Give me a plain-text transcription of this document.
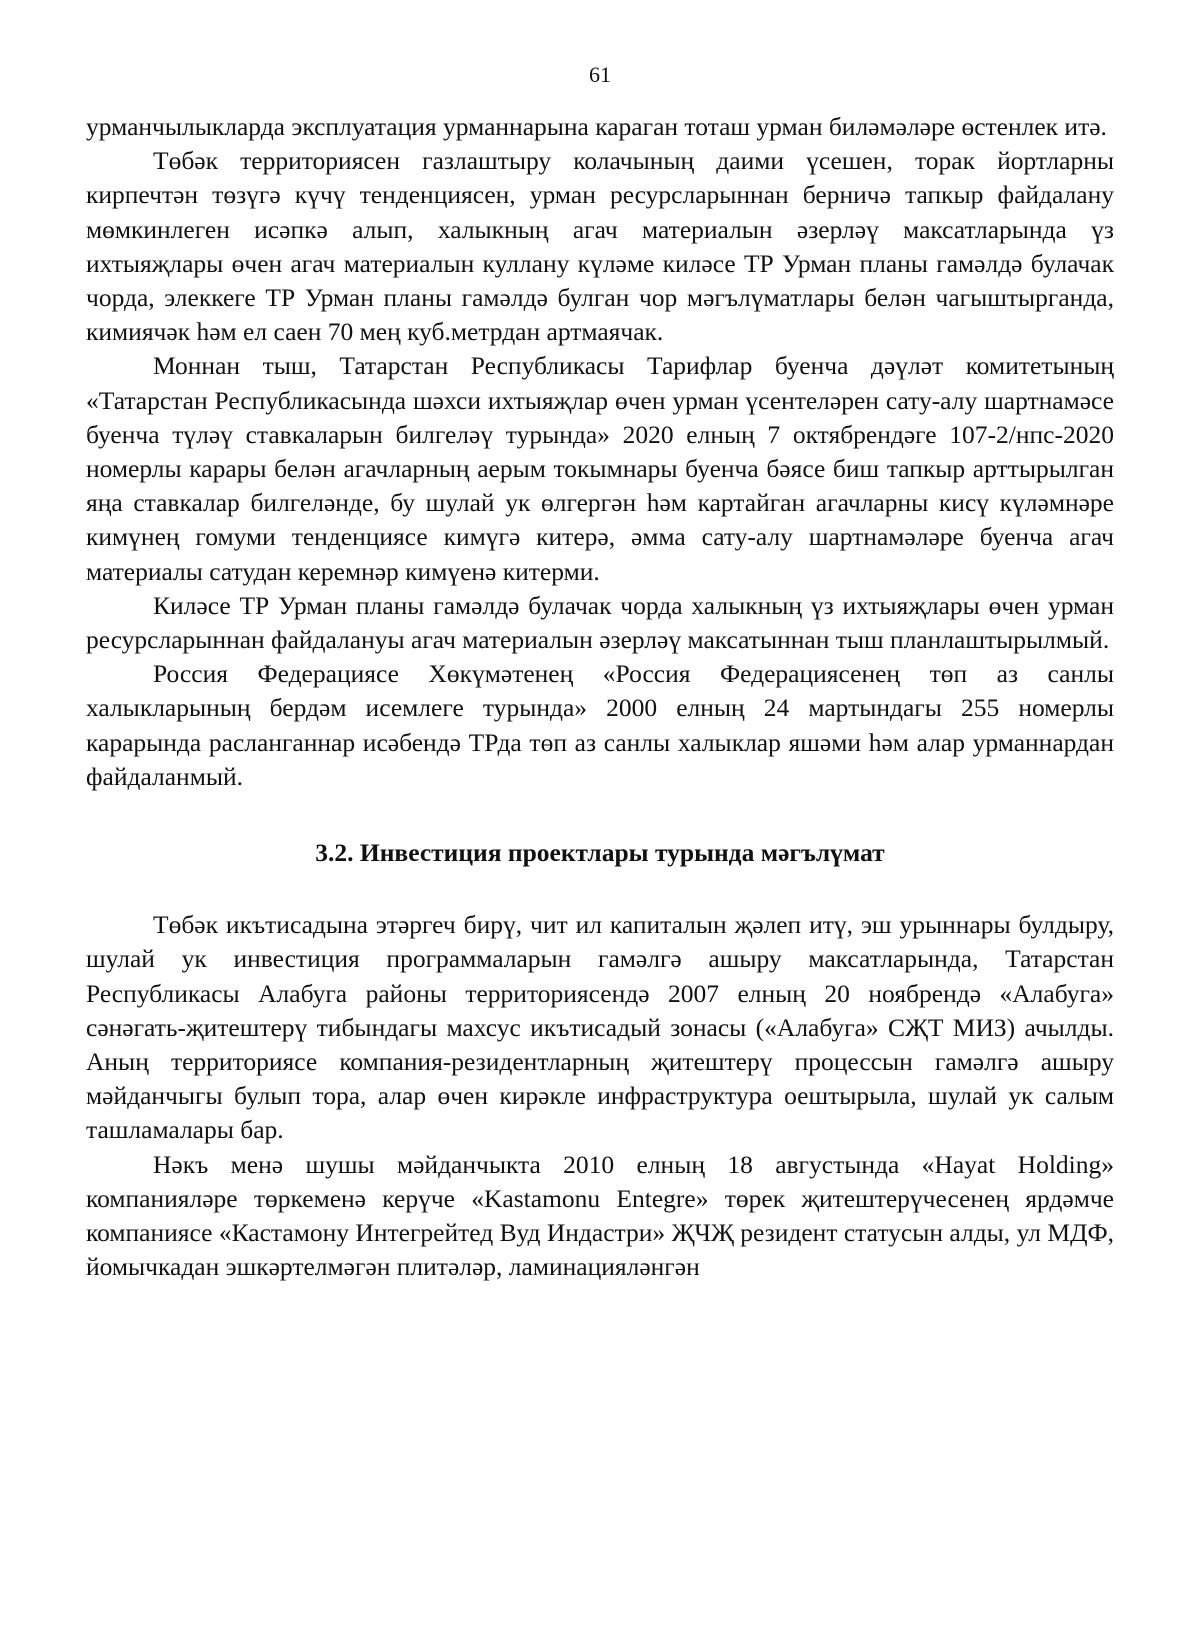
61

урманчылыкларда эксплуатация урманнарына караган тоташ урман биләмәләре өстенлек итә.

Төбәк территориясен газлаштыру колачының даими үсешен, торак йортларны кирпечтән төзүгә күчү тенденциясен, урман ресурсларыннан берничә тапкыр файдалану мөмкинлеген исәпкә алып, халыкның агач материалын әзерләү максатларында үз ихтыяҗлары өчен агач материалын куллану күләме киләсе ТР Урман планы гамәлдә булачак чорда, элеккеге ТР Урман планы гамәлдә булган чор мәгълүматлары белән чагыштырганда, кимиячәк һәм ел саен 70 мең куб.метрдан артмаячак.

Моннан тыш, Татарстан Республикасы Тарифлар буенча дәүләт комитетының «Татарстан Республикасында шәхси ихтыяҗлар өчен урман үсентеләрен сату-алу шартнамәсе буенча түләү ставкаларын билгеләү турында» 2020 елның 7 октябрендәге 107-2/нпс-2020 номерлы карары белән агачларның аерым токымнары буенча бәясе биш тапкыр арттырылган яңа ставкалар билгеләнде, бу шулай ук өлгергән һәм картайган агачларны кисү күләмнәре кимүнең гомуми тенденциясе кимүгә китерә, әмма сату-алу шартнамәләре буенча агач материалы сатудан керемнәр кимүенә китерми.

Киләсе ТР Урман планы гамәлдә булачак чорда халыкның үз ихтыяҗлары өчен урман ресурсларыннан файдалануы агач материалын әзерләү максатыннан тыш планлаштырылмый.

Россия Федерациясе Хөкүмәтенең «Россия Федерациясенең төп аз санлы халыкларының бердәм исемлеге турында» 2000 елның 24 мартындагы 255 номерлы карарында расланганнар исәбендә ТРда төп аз санлы халыклар яшәми һәм алар урманнардан файдаланмый.

3.2. Инвестиция проектлары турында мәгълүмат

Төбәк икътисадына этәргеч бирү, чит ил капиталын җәлеп итү, эш урыннары булдыру, шулай ук инвестиция программаларын гамәлгә ашыру максатларында, Татарстан Республикасы Алабуга районы территориясендә 2007 елның 20 ноябрендә «Алабуга» сәнәгать-җитештерү тибындагы махсус икътисадый зонасы («Алабуга» СҖТ МИЗ) ачылды. Аның территориясе компания-резидентларның җитештерү процессын гамәлгә ашыру мәйданчыгы булып тора, алар өчен кирәкле инфраструктура оештырыла, шулай ук салым ташламалары бар.

Нәкъ менә шушы мәйданчыкта 2010 елның 18 августында «Hayat Holding» компанияләре төркеменә керүче «Kastamonu Entegre» төрек җитештерүчесенең ярдәмче компаниясе «Кастамону Интегрейтед Вуд Индастри» ҖЧҖ резидент статусын алды, ул МДФ, йомычкадан эшкәртелмәгән плитәләр, ламинацияләнгән
